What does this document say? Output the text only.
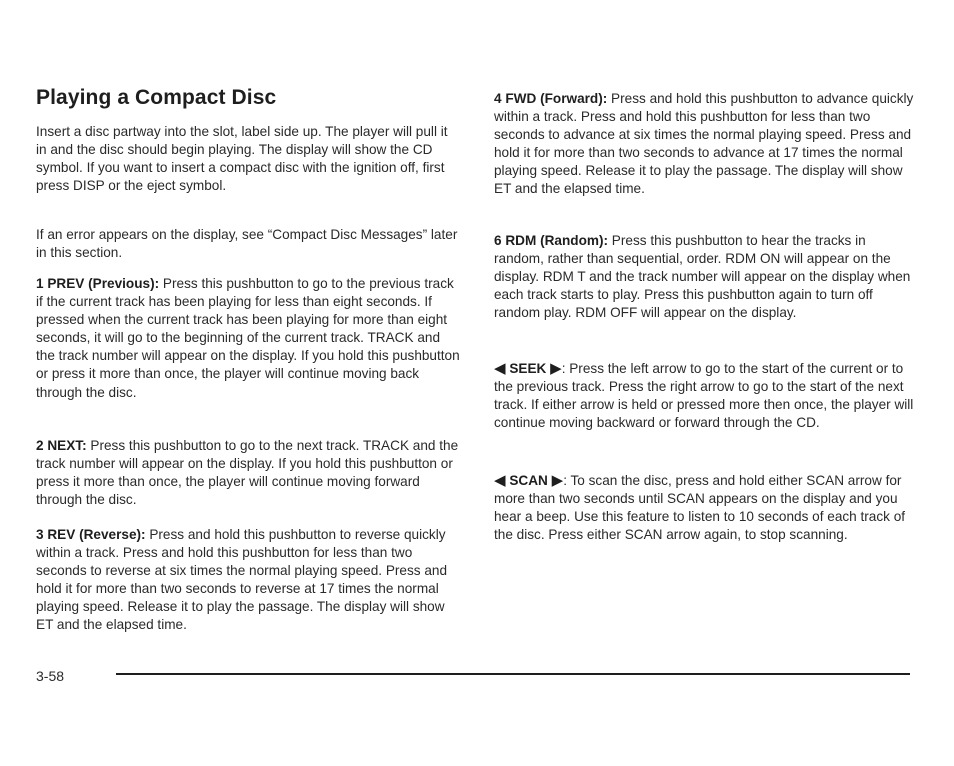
Playing a Compact Disc

Insert a disc partway into the slot, label side up. The player will pull it in and the disc should begin playing. The display will show the CD symbol. If you want to insert a compact disc with the ignition off, first press DISP or the eject symbol.

If an error appears on the display, see “Compact Disc Messages” later in this section.

1 PREV (Previous): Press this pushbutton to go to the previous track if the current track has been playing for less than eight seconds. If pressed when the current track has been playing for more than eight seconds, it will go to the beginning of the current track. TRACK and the track number will appear on the display. If you hold this pushbutton or press it more than once, the player will continue moving back through the disc.

2 NEXT: Press this pushbutton to go to the next track. TRACK and the track number will appear on the display. If you hold this pushbutton or press it more than once, the player will continue moving forward through the disc.

3 REV (Reverse): Press and hold this pushbutton to reverse quickly within a track. Press and hold this pushbutton for less than two seconds to reverse at six times the normal playing speed. Press and hold it for more than two seconds to reverse at 17 times the normal playing speed. Release it to play the passage. The display will show ET and the elapsed time.

4 FWD (Forward): Press and hold this pushbutton to advance quickly within a track. Press and hold this pushbutton for less than two seconds to advance at six times the normal playing speed. Press and hold it for more than two seconds to advance at 17 times the normal playing speed. Release it to play the passage. The display will show ET and the elapsed time.

6 RDM (Random): Press this pushbutton to hear the tracks in random, rather than sequential, order. RDM ON will appear on the display. RDM T and the track number will appear on the display when each track starts to play. Press this pushbutton again to turn off random play. RDM OFF will appear on the display.

◀ SEEK ▶: Press the left arrow to go to the start of the current or to the previous track. Press the right arrow to go to the start of the next track. If either arrow is held or pressed more then once, the player will continue moving backward or forward through the CD.

◀ SCAN ▶: To scan the disc, press and hold either SCAN arrow for more than two seconds until SCAN appears on the display and you hear a beep. Use this feature to listen to 10 seconds of each track of the disc. Press either SCAN arrow again, to stop scanning.

3-58
